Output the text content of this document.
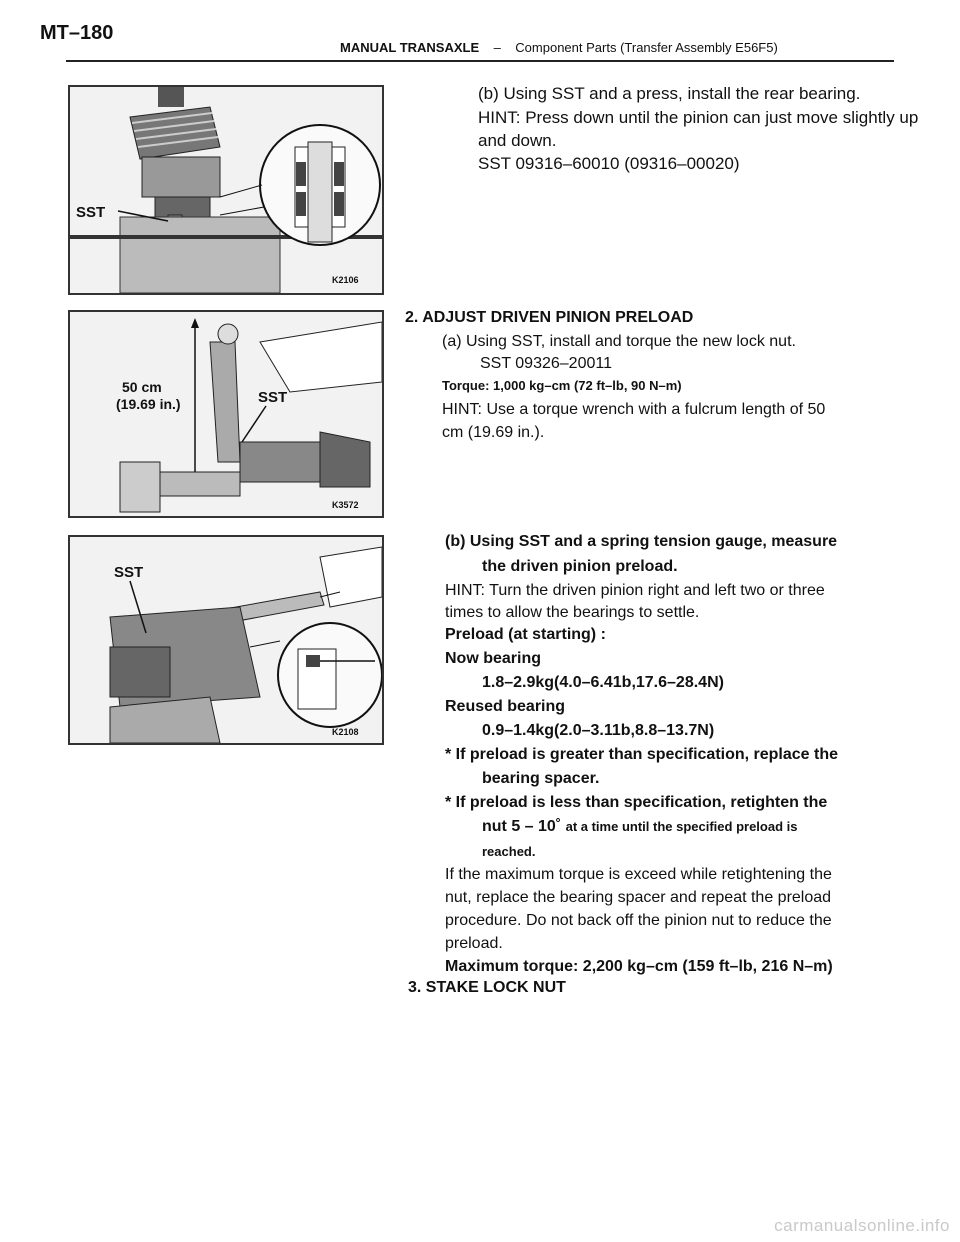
MT–180
MANUAL TRANSAXLE – Component Parts (Transfer Assembly E56F5)
SST
K2106
50 cm
(19.69 in.)	SST
K3572
SST
K2108
(b) Using SST and a press, install the rear bearing.
HINT: Press down until the pinion can just move slightly up
and down.
SST 09316–60010 (09316–00020)
2. ADJUST DRIVEN PINION PRELOAD
(a) Using SST, install and torque the new lock nut.
SST 09326–20011
Torque: 1,000 kg–cm (72 ft–lb, 90 N–m)
HINT: Use a torque wrench with a fulcrum length of 50
cm (19.69 in.).
(b) Using SST and a spring tension gauge, measure
the driven pinion preload.
HINT: Turn the driven pinion right and left two or three
times to allow the bearings to settle.
Preload (at starting) :
Now bearing
1.8–2.9kg(4.0–6.41b,17.6–28.4N)
Reused bearing
0.9–1.4kg(2.0–3.11b,8.8–13.7N)
* If preload is greater than specification, replace the
bearing spacer.
* If preload is less than specification, retighten the
nut 5 – 10˚ at a time until the specified preload is
reached.
If the maximum torque is exceed while retightening the
nut, replace the bearing spacer and repeat the preload
procedure. Do not back off the pinion nut to reduce the
preload.
Maximum torque: 2,200 kg–cm (159 ft–lb, 216 N–m)
3. STAKE LOCK NUT
carmanualsonline.info
